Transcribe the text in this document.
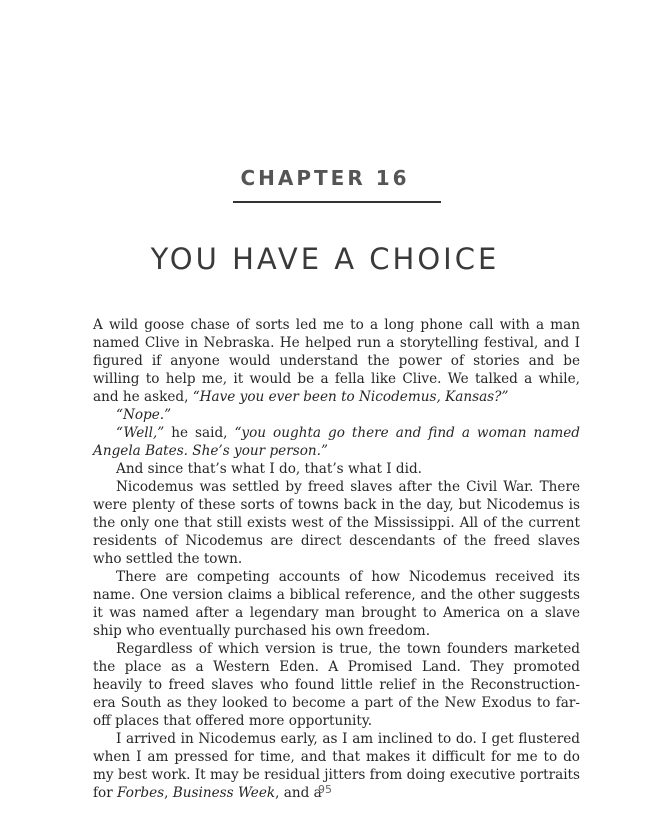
CHAPTER 16
YOU HAVE A CHOICE

A wild goose chase of sorts led me to a long phone call with a man named Clive in Nebraska. He helped run a storytelling festival, and I figured if anyone would understand the power of stories and be willing to help me, it would be a fella like Clive. We talked a while, and he asked, “Have you ever been to Nicodemus, Kansas?”

“Nope.”

“Well,” he said, “you oughta go there and find a woman named Angela Bates. She’s your person.”

And since that’s what I do, that’s what I did.

Nicodemus was settled by freed slaves after the Civil War. There were plenty of these sorts of towns back in the day, but Nicodemus is the only one that still exists west of the Mississippi. All of the current residents of Nicodemus are direct descendants of the freed slaves who settled the town.

There are competing accounts of how Nicodemus received its name. One version claims a biblical reference, and the other suggests it was named after a legendary man brought to America on a slave ship who eventually purchased his own freedom.

Regardless of which version is true, the town founders marketed the place as a Western Eden. A Promised Land. They promoted heavily to freed slaves who found little relief in the Reconstruction-era South as they looked to become a part of the New Exodus to far-off places that offered more opportunity.

I arrived in Nicodemus early, as I am inclined to do. I get flustered when I am pressed for time, and that makes it difficult for me to do my best work. It may be residual jitters from doing executive portraits for Forbes, Business Week, and a

95
